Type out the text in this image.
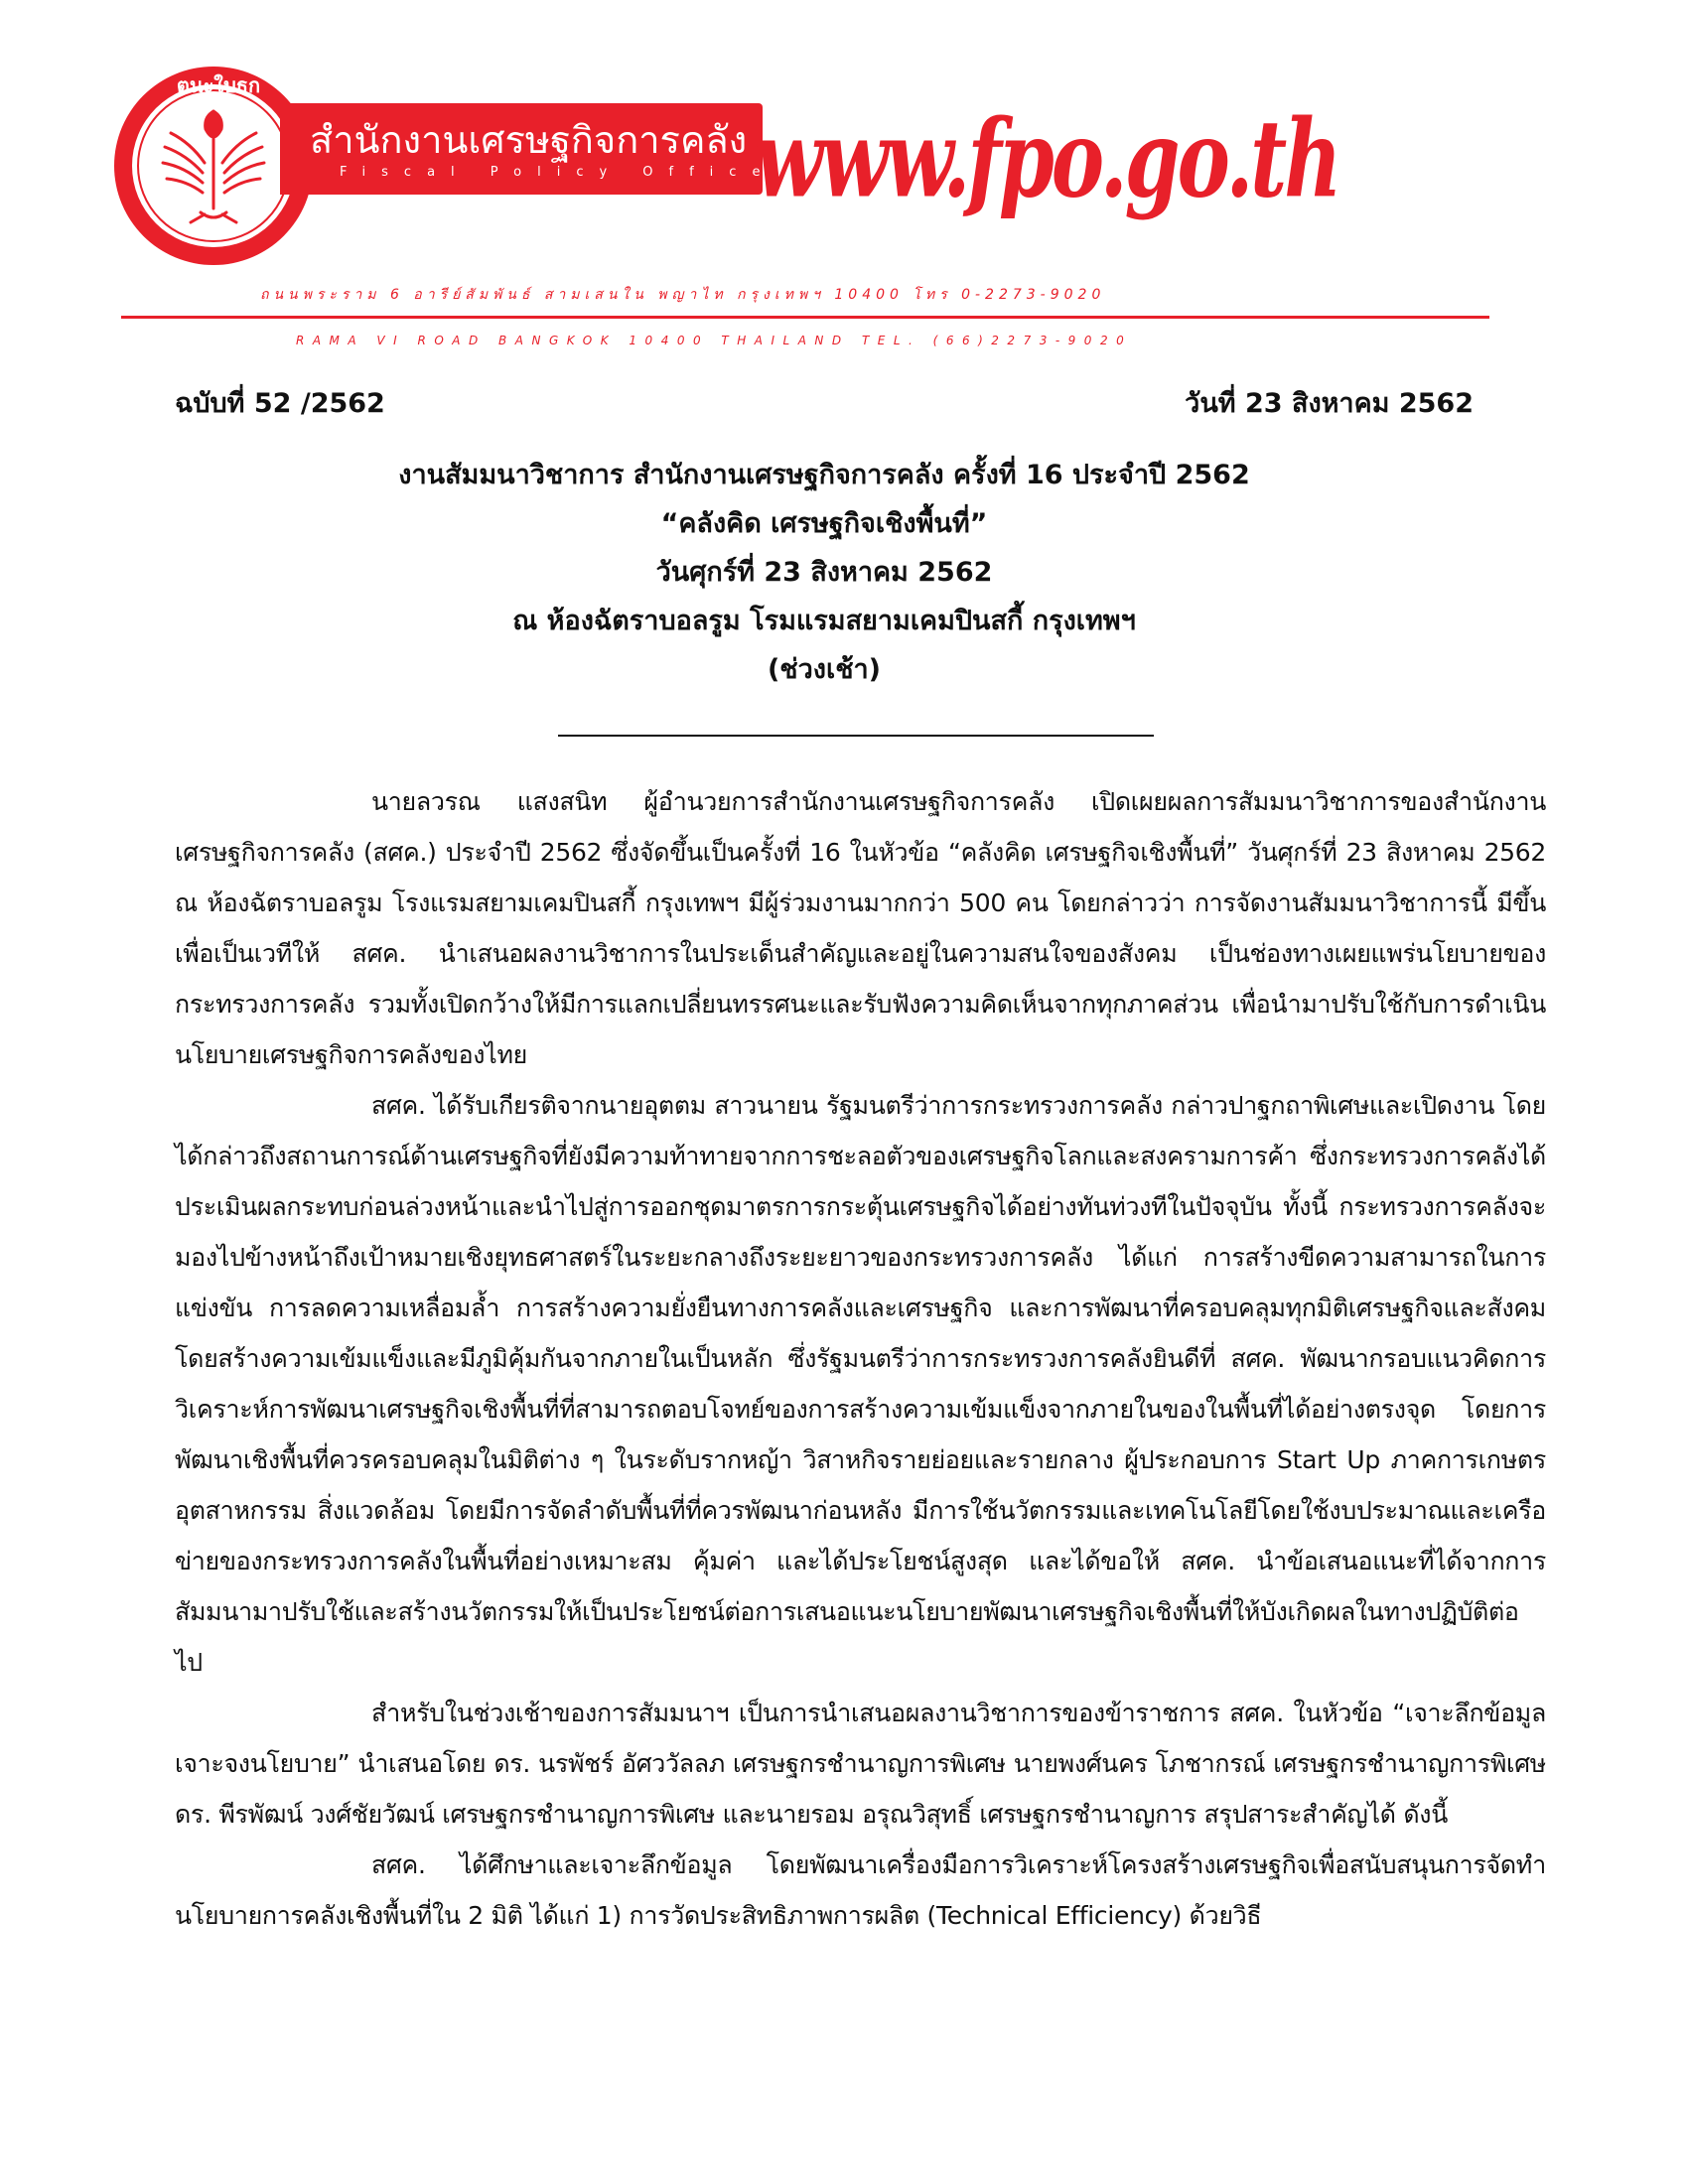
ตนะใบธก
สำนักงานเศรษฐกิจการคลัง
Fiscal Policy Office
www.fpo.go.th
ถนนพระราม 6 อารีย์สัมพันธ์ สามเสนใน พญาไท กรุงเทพฯ 10400 โทร 0-2273-9020
RAMA VI ROAD BANGKOK 10400 THAILAND TEL. (66)2273-9020
ฉบับที่ 52 /2562	วันที่ 23 สิงหาคม 2562
งานสัมมนาวิชาการ สำนักงานเศรษฐกิจการคลัง ครั้งที่ 16 ประจำปี 2562
“คลังคิด เศรษฐกิจเชิงพื้นที่”
วันศุกร์ที่ 23 สิงหาคม 2562
ณ ห้องฉัตราบอลรูม โรมแรมสยามเคมปินสกี้ กรุงเทพฯ
(ช่วงเช้า)

นายลวรณ แสงสนิท ผู้อำนวยการสำนักงานเศรษฐกิจการคลัง เปิดเผยผลการสัมมนาวิชาการของสำนักงานเศรษฐกิจการคลัง (สศค.) ประจำปี 2562 ซึ่งจัดขึ้นเป็นครั้งที่ 16 ในหัวข้อ “คลังคิด เศรษฐกิจเชิงพื้นที่” วันศุกร์ที่ 23 สิงหาคม 2562 ณ ห้องฉัตราบอลรูม โรงแรมสยามเคมปินสกี้ กรุงเทพฯ มีผู้ร่วมงานมากกว่า 500 คน โดยกล่าวว่า การจัดงานสัมมนาวิชาการนี้ มีขึ้นเพื่อเป็นเวทีให้ สศค. นำเสนอผลงานวิชาการในประเด็นสำคัญและอยู่ในความสนใจของสังคม เป็นช่องทางเผยแพร่นโยบายของกระทรวงการคลัง รวมทั้งเปิดกว้างให้มีการแลกเปลี่ยนทรรศนะและรับฟังความคิดเห็นจากทุกภาคส่วน เพื่อนำมาปรับใช้กับการดำเนินนโยบายเศรษฐกิจการคลังของไทย

สศค. ได้รับเกียรติจากนายอุตตม สาวนายน รัฐมนตรีว่าการกระทรวงการคลัง กล่าวปาฐกถาพิเศษและเปิดงาน โดยได้กล่าวถึงสถานการณ์ด้านเศรษฐกิจที่ยังมีความท้าทายจากการชะลอตัวของเศรษฐกิจโลกและสงครามการค้า ซึ่งกระทรวงการคลังได้ประเมินผลกระทบก่อนล่วงหน้าและนำไปสู่การออกชุดมาตรการกระตุ้นเศรษฐกิจได้อย่างทันท่วงทีในปัจจุบัน ทั้งนี้ กระทรวงการคลังจะมองไปข้างหน้าถึงเป้าหมายเชิงยุทธศาสตร์ในระยะกลางถึงระยะยาวของกระทรวงการคลัง ได้แก่ การสร้างขีดความสามารถในการแข่งขัน การลดความเหลื่อมล้ำ การสร้างความยั่งยืนทางการคลังและเศรษฐกิจ และการพัฒนาที่ครอบคลุมทุกมิติเศรษฐกิจและสังคม โดยสร้างความเข้มแข็งและมีภูมิคุ้มกันจากภายในเป็นหลัก ซึ่งรัฐมนตรีว่าการกระทรวงการคลังยินดีที่ สศค. พัฒนากรอบแนวคิดการวิเคราะห์การพัฒนาเศรษฐกิจเชิงพื้นที่ที่สามารถตอบโจทย์ของการสร้างความเข้มแข็งจากภายในของในพื้นที่ได้อย่างตรงจุด โดยการพัฒนาเชิงพื้นที่ควรครอบคลุมในมิติต่าง ๆ ในระดับรากหญ้า วิสาหกิจรายย่อยและรายกลาง ผู้ประกอบการ Start Up ภาคการเกษตร อุตสาหกรรม สิ่งแวดล้อม โดยมีการจัดลำดับพื้นที่ที่ควรพัฒนาก่อนหลัง มีการใช้นวัตกรรมและเทคโนโลยีโดยใช้งบประมาณและเครือข่ายของกระทรวงการคลังในพื้นที่อย่างเหมาะสม คุ้มค่า และได้ประโยชน์สูงสุด และได้ขอให้ สศค. นำข้อเสนอแนะที่ได้จากการสัมมนามาปรับใช้และสร้างนวัตกรรมให้เป็นประโยชน์ต่อการเสนอแนะนโยบายพัฒนาเศรษฐกิจเชิงพื้นที่ให้บังเกิดผลในทางปฏิบัติต่อไป

สำหรับในช่วงเช้าของการสัมมนาฯ เป็นการนำเสนอผลงานวิชาการของข้าราชการ สศค. ในหัวข้อ “เจาะลึกข้อมูล เจาะจงนโยบาย” นำเสนอโดย ดร. นรพัชร์ อัศววัลลภ เศรษฐกรชำนาญการพิเศษ นายพงศ์นคร โภชากรณ์ เศรษฐกรชำนาญการพิเศษ ดร. พีรพัฒน์ วงศ์ชัยวัฒน์ เศรษฐกรชำนาญการพิเศษ และนายรอม อรุณวิสุทธิ์ เศรษฐกรชำนาญการ สรุปสาระสำคัญได้ ดังนี้

สศค. ได้ศึกษาและเจาะลึกข้อมูล โดยพัฒนาเครื่องมือการวิเคราะห์โครงสร้างเศรษฐกิจเพื่อสนับสนุนการจัดทำนโยบายการคลังเชิงพื้นที่ใน 2 มิติ ได้แก่ 1) การวัดประสิทธิภาพการผลิต (Technical Efficiency) ด้วยวิธี
